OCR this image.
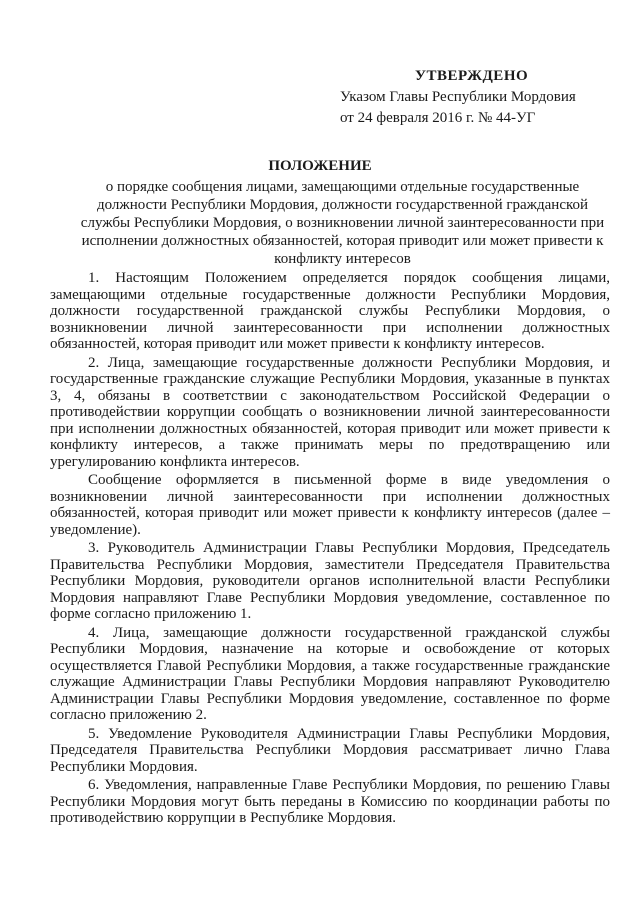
УТВЕРЖДЕНО
Указом Главы Республики Мордовия
от 24 февраля 2016 г. № 44-УГ
ПОЛОЖЕНИЕ
о порядке сообщения лицами, замещающими отдельные государственные должности Республики Мордовия, должности государственной гражданской службы Республики Мордовия, о возникновении личной заинтересованности при исполнении должностных обязанностей, которая приводит или может привести к конфликту интересов

1. Настоящим Положением определяется порядок сообщения лицами, замещающими отдельные государственные должности Республики Мордовия, должности государственной гражданской службы Республики Мордовия, о возникновении личной заинтересованности при исполнении должностных обязанностей, которая приводит или может привести к конфликту интересов.

2. Лица, замещающие государственные должности Республики Мордовия, и государственные гражданские служащие Республики Мордовия, указанные в пунктах 3, 4, обязаны в соответствии с законодательством Российской Федерации о противодействии коррупции сообщать о возникновении личной заинтересованности при исполнении должностных обязанностей, которая приводит или может привести к конфликту интересов, а также принимать меры по предотвращению или урегулированию конфликта интересов.

Сообщение оформляется в письменной форме в виде уведомления о возникновении личной заинтересованности при исполнении должностных обязанностей, которая приводит или может привести к конфликту интересов (далее – уведомление).

3. Руководитель Администрации Главы Республики Мордовия, Председатель Правительства Республики Мордовия, заместители Председателя Правительства Республики Мордовия, руководители органов исполнительной власти Республики Мордовия направляют Главе Республики Мордовия уведомление, составленное по форме согласно приложению 1.

4. Лица, замещающие должности государственной гражданской службы Республики Мордовия, назначение на которые и освобождение от которых осуществляется Главой Республики Мордовия, а также государственные гражданские служащие Администрации Главы Республики Мордовия направляют Руководителю Администрации Главы Республики Мордовия уведомление, составленное по форме согласно приложению 2.

5. Уведомление Руководителя Администрации Главы Республики Мордовия, Председателя Правительства Республики Мордовия рассматривает лично Глава Республики Мордовия.

6. Уведомления, направленные Главе Республики Мордовия, по решению Главы Республики Мордовия могут быть переданы в Комиссию по координации работы по противодействию коррупции в Республике Мордовия.
